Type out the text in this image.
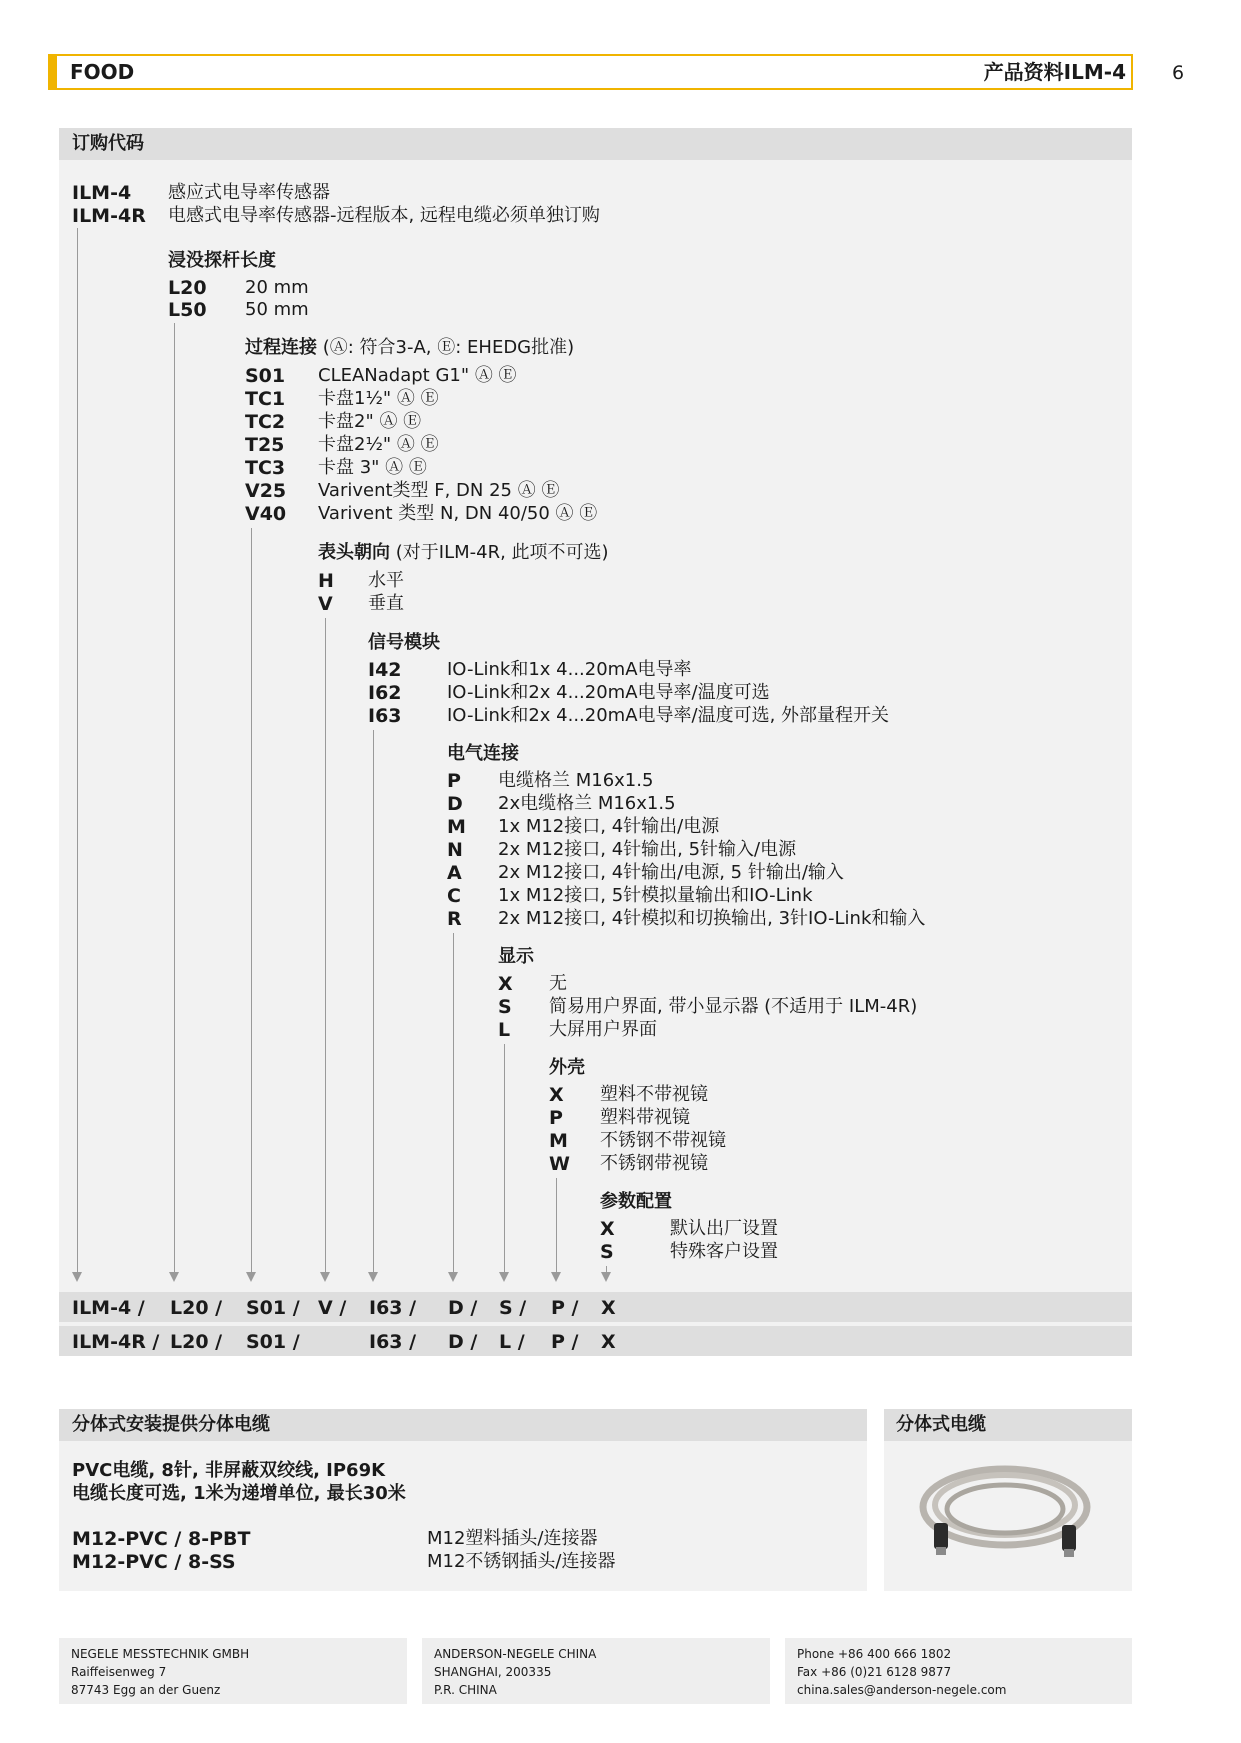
FOOD	产品资料ILM-4 6
订购代码
ILM-4 感应式电导率传感器
ILM-4R 电感式电导率传感器-远程版本, 远程电缆必须单独订购
浸没探杆长度
L20 20 mm
L50 50 mm
过程连接 (Ⓐ: 符合3-A, Ⓔ: EHEDG批准)
S01 CLEANadapt G1" Ⓐ Ⓔ
TC1 卡盘1½" Ⓐ Ⓔ
TC2 卡盘2" Ⓐ Ⓔ
T25 卡盘2½" Ⓐ Ⓔ
TC3 卡盘 3" Ⓐ Ⓔ
V25 Varivent类型 F, DN 25 Ⓐ Ⓔ
V40 Varivent 类型 N, DN 40/50 Ⓐ Ⓔ
表头朝向 (对于ILM-4R, 此项不可选)
H 水平
V 垂直
信号模块
I42	IO-Link和1x 4...20mA电导率
I62	IO-Link和2x 4...20mA电导率/温度可选
I63	IO-Link和2x 4...20mA电导率/温度可选, 外部量程开关
电气连接
P 电缆格兰 M16x1.5
D 2x电缆格兰 M16x1.5
M 1x M12接口, 4针输出/电源
N 2x M12接口, 4针输出, 5针输入/电源
A 2x M12接口, 4针输出/电源, 5 针输出/输入
C 1x M12接口, 5针模拟量输出和IO-Link
R 2x M12接口, 4针模拟和切换输出, 3针IO-Link和输入
显示
X 无
S 简易用户界面, 带小显示器 (不适用于 ILM-4R)
L 大屏用户界面
外壳
X 塑料不带视镜
P 塑料带视镜
M 不锈钢不带视镜
W 不锈钢带视镜
参数配置
X	默认出厂设置
S	特殊客户设置
ILM-4 / L20 / S01 / V / I63 / D / S / P / X
ILM-4R / L20 / S01 /	I63 / D / L / P / X
分体式安装提供分体电缆
PVC电缆, 8针, 非屏蔽双绞线, IP69K
电缆长度可选, 1米为递增单位, 最长30米
M12-PVC / 8-PBT	M12塑料插头/连接器
M12-PVC / 8-SS	M12不锈钢插头/连接器
分体式电缆
NEGELE MESSTECHNIK GMBH
Raiffeisenweg 7
87743 Egg an der Guenz
ANDERSON-NEGELE CHINA
SHANGHAI, 200335
P.R. CHINA
Phone +86 400 666 1802
Fax +86 (0)21 6128 9877
china.sales@anderson-negele.com
